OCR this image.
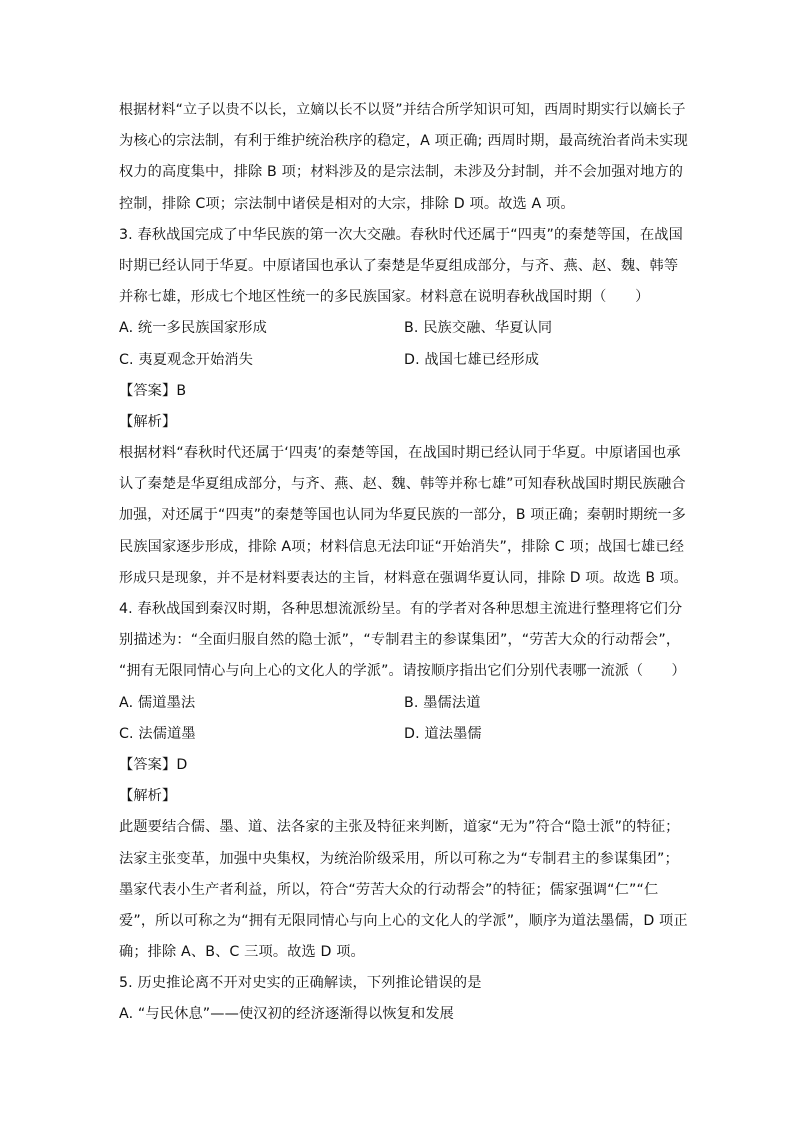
根据材料“立子以贵不以长，立嫡以长不以贤”并结合所学知识可知，西周时期实行以嫡长子
为核心的宗法制，有利于维护统治秩序的稳定，A 项正确; 西周时期，最高统治者尚未实现
权力的高度集中，排除 B 项；材料涉及的是宗法制，未涉及分封制，并不会加强对地方的
控制，排除 C项；宗法制中诸侯是相对的大宗，排除 D 项。故选 A 项。
3. 春秋战国完成了中华民族的第一次大交融。春秋时代还属于“四夷”的秦楚等国，在战国
时期已经认同于华夏。中原诸国也承认了秦楚是华夏组成部分，与齐、燕、赵、魏、韩等
并称七雄，形成七个地区性统一的多民族国家。材料意在说明春秋战国时期（　　）
A. 统一多民族国家形成	B. 民族交融、华夏认同
C. 夷夏观念开始消失	D. 战国七雄已经形成
【答案】B
【解析】
根据材料“春秋时代还属于‘四夷’的秦楚等国，在战国时期已经认同于华夏。中原诸国也承
认了秦楚是华夏组成部分，与齐、燕、赵、魏、韩等并称七雄”可知春秋战国时期民族融合
加强，对还属于“四夷”的秦楚等国也认同为华夏民族的一部分，B 项正确；秦朝时期统一多
民族国家逐步形成，排除 A项；材料信息无法印证“开始消失”，排除 C 项；战国七雄已经
形成只是现象，并不是材料要表达的主旨，材料意在强调华夏认同，排除 D 项。故选 B 项。
4. 春秋战国到秦汉时期，各种思想流派纷呈。有的学者对各种思想主流进行整理将它们分
别描述为：“全面归服自然的隐士派”，“专制君主的参谋集团”，“劳苦大众的行动帮会”，
“拥有无限同情心与向上心的文化人的学派”。请按顺序指出它们分别代表哪一流派（　　）
A. 儒道墨法	B. 墨儒法道
C. 法儒道墨	D. 道法墨儒
【答案】D
【解析】
此题要结合儒、墨、道、法各家的主张及特征来判断，道家“无为”符合“隐士派”的特征；
法家主张变革，加强中央集权，为统治阶级采用，所以可称之为“专制君主的参谋集团”；
墨家代表小生产者利益，所以，符合“劳苦大众的行动帮会”的特征；儒家强调“仁”“仁
爱”，所以可称之为“拥有无限同情心与向上心的文化人的学派”，顺序为道法墨儒，D 项正
确；排除 A、B、C 三项。故选 D 项。
5. 历史推论离不开对史实的正确解读，下列推论错误的是
A. “与民休息”——使汉初的经济逐渐得以恢复和发展
